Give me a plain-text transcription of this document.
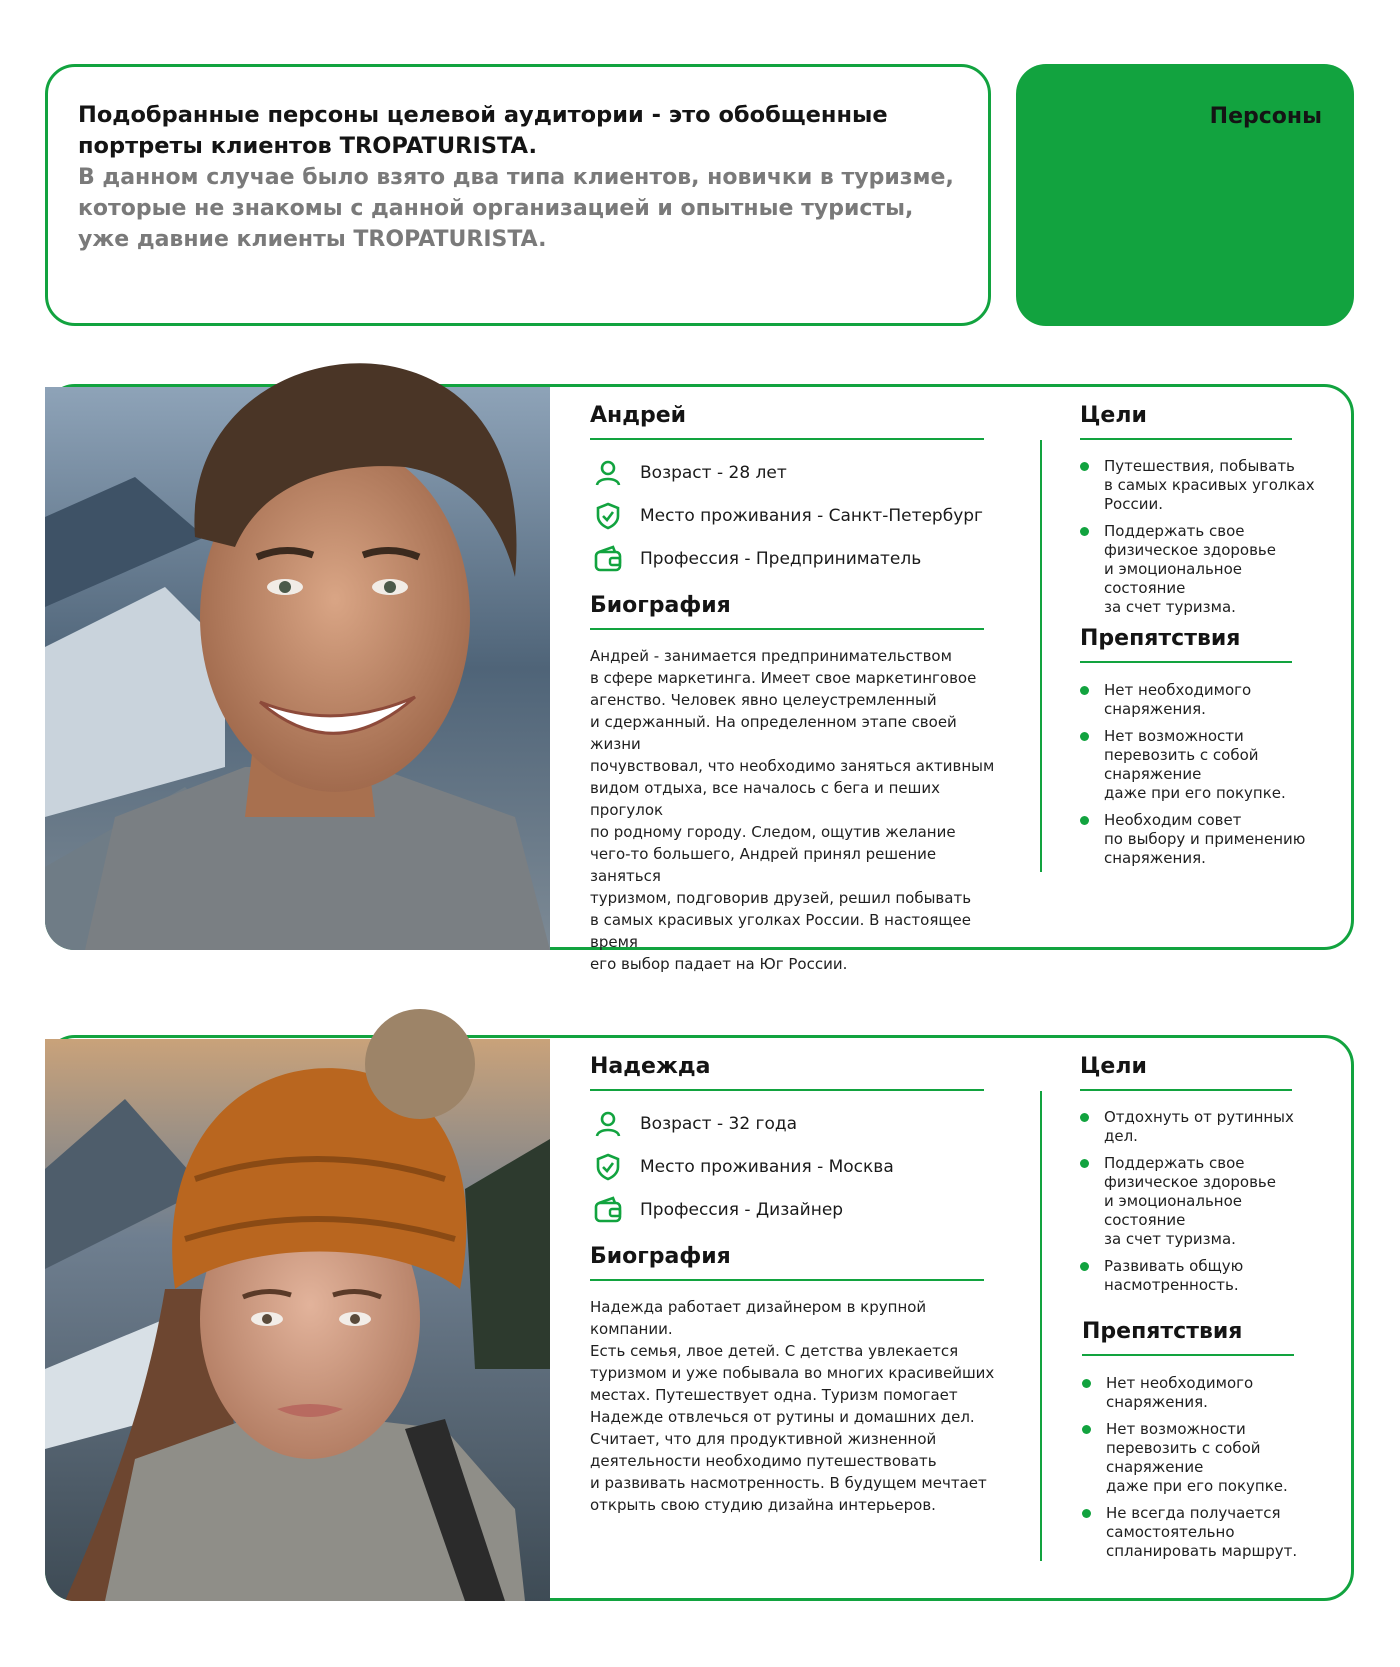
Подобранные персоны целевой аудитории - это обобщенные портреты клиентов TROPATURISTA.

В данном случае было взято два типа клиентов, новички в туризме, которые не знакомы с данной организацией и опытные туристы, уже давние клиенты TROPATURISTA.

Персоны
Андрей
Возраст - 28 лет
Место проживания - Санкт-Петербург
Профессия - Предприниматель
Биография
Андрей - занимается предпринимательством
в сфере маркетинга. Имеет свое маркетинговое
агенство. Человек явно целеустремленный
и сдержанный. На определенном этапе своей жизни
почувствовал, что необходимо заняться активным
видом отдыха, все началось с бега и пеших прогулок
по родному городу. Следом, ощутив желание
чего-то большего, Андрей принял решение заняться
туризмом, подговорив друзей, решил побывать
в самых красивых уголках России. В настоящее время
его выбор падает на Юг России.
Цели
Путешествия, побывать
в самых красивых уголках
России.
Поддержать свое
физическое здоровье
и эмоциональное
состояние
за счет туризма.
Препятствия
Нет необходимого
снаряжения.
Нет возможности
перевозить с собой
снаряжение
даже при его покупке.
Необходим совет
по выбору и применению
снаряжения.
Надежда
Возраст - 32 года
Место проживания - Москва
Профессия - Дизайнер
Биография
Надежда работает дизайнером в крупной компании.
Есть семья, лвое детей. С детства увлекается
туризмом и уже побывала во многих красивейших
местах. Путешествует одна. Туризм помогает
Надежде отвлечься от рутины и домашних дел.
Считает, что для продуктивной жизненной
деятельности необходимо путешествовать
и развивать насмотренность. В будущем мечтает
открыть свою студию дизайна интерьеров.
Цели
Отдохнуть от рутинных
дел.
Поддержать свое
физическое здоровье
и эмоциональное
состояние
за счет туризма.
Развивать общую
насмотренность.
Препятствия
Нет необходимого
снаряжения.
Нет возможности
перевозить с собой
снаряжение
даже при его покупке.
Не всегда получается
самостоятельно
спланировать маршрут.
